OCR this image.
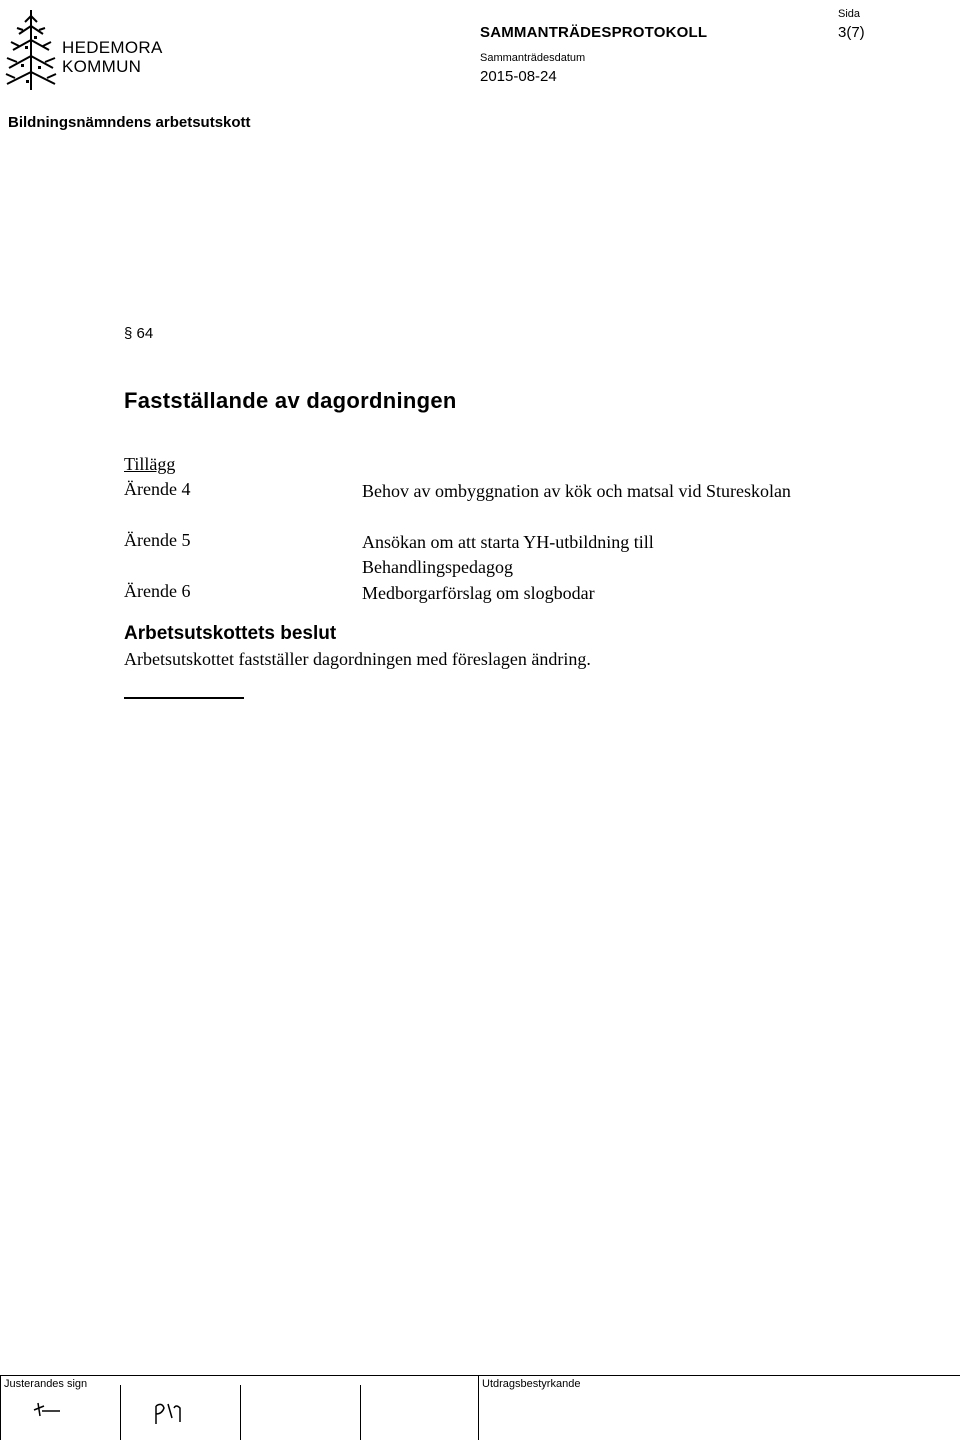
HEDEMORA
KOMMUN
SAMMANTRÄDESPROTOKOLL
Sammanträdesdatum
2015-08-24
Sida
3(7)
Bildningsnämndens arbetsutskott
§ 64
Fastställande av dagordningen
Tillägg
Ärende 4	Behov av ombyggnation av kök och matsal vid Stureskolan
Ärende 5	Ansökan om att starta YH-utbildning till Behandlingspedagog
Ärende 6	Medborgarförslag om slogbodar
Arbetsutskottets beslut
Arbetsutskottet fastställer dagordningen med föreslagen ändring.
Justerandes sign	Utdragsbestyrkande
